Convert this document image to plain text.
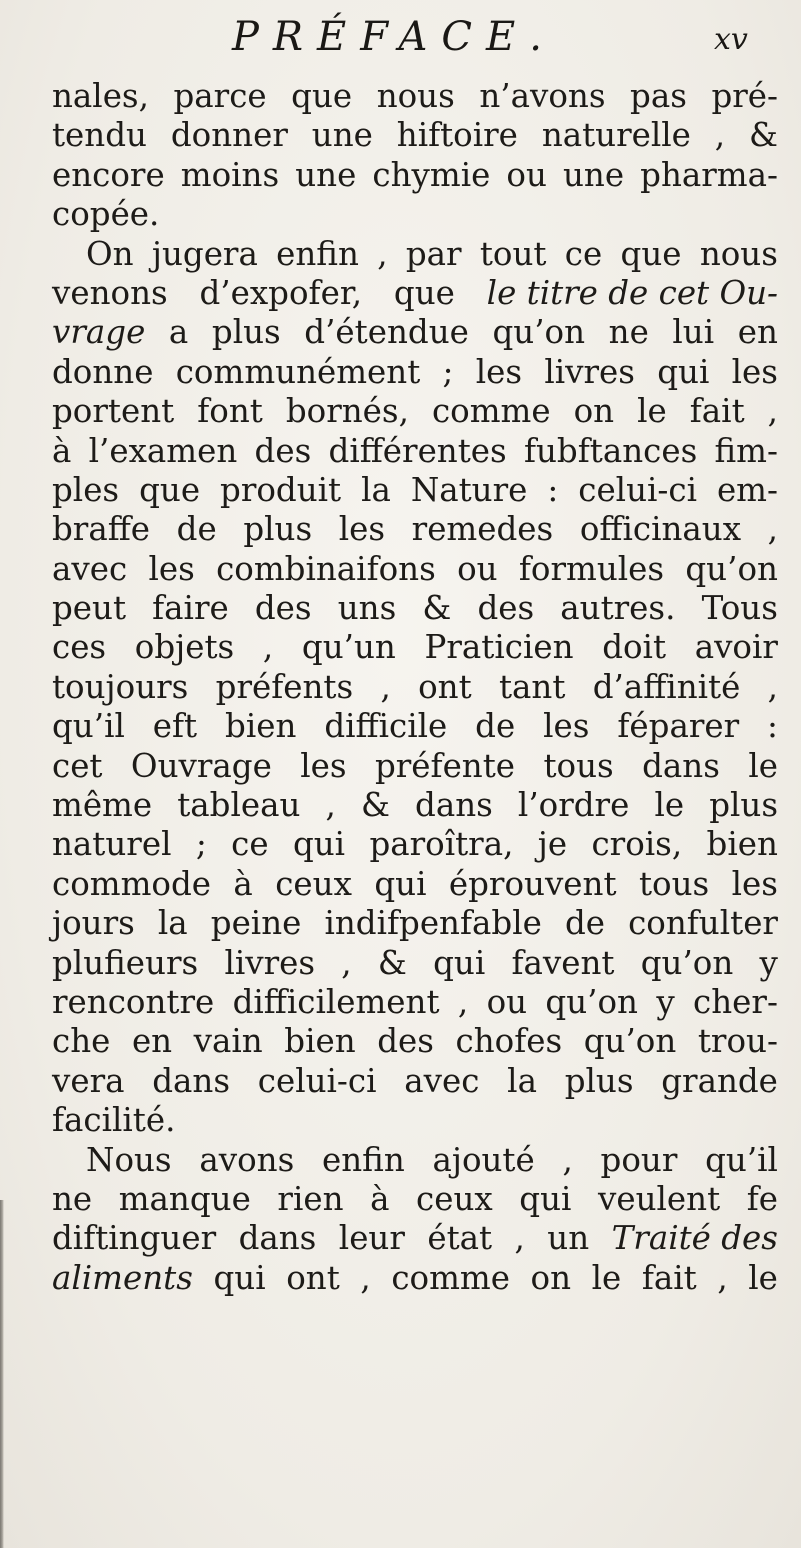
PRÉFACE.	xv
nales, parce que nous n’avons pas pré-
tendu donner une hiftoire naturelle , &
encore moins une chymie ou une pharma-
copée.
On jugera enfin , par tout ce que nous
venons d’expofer, que le titre de cet Ou-
vrage a plus d’étendue qu’on ne lui en
donne communément ; les livres qui les
portent font bornés, comme on le fait ,
à l’examen des différentes fubftances fim-
ples que produit la Nature : celui-ci em-
braffe de plus les remedes officinaux ,
avec les combinaifons ou formules qu’on
peut faire des uns & des autres. Tous
ces objets , qu’un Praticien doit avoir
toujours préfents , ont tant d’affinité ,
qu’il eft bien difficile de les féparer :
cet Ouvrage les préfente tous dans le
même tableau , & dans l’ordre le plus
naturel ; ce qui paroîtra, je crois, bien
commode à ceux qui éprouvent tous les
jours la peine indifpenfable de confulter
plufieurs livres , & qui favent qu’on y
rencontre difficilement , ou qu’on y cher-
che en vain bien des chofes qu’on trou-
vera dans celui-ci avec la plus grande
facilité.
Nous avons enfin ajouté , pour qu’il
ne manque rien à ceux qui veulent fe
diftinguer dans leur état , un Traité des
aliments qui ont , comme on le fait , le
